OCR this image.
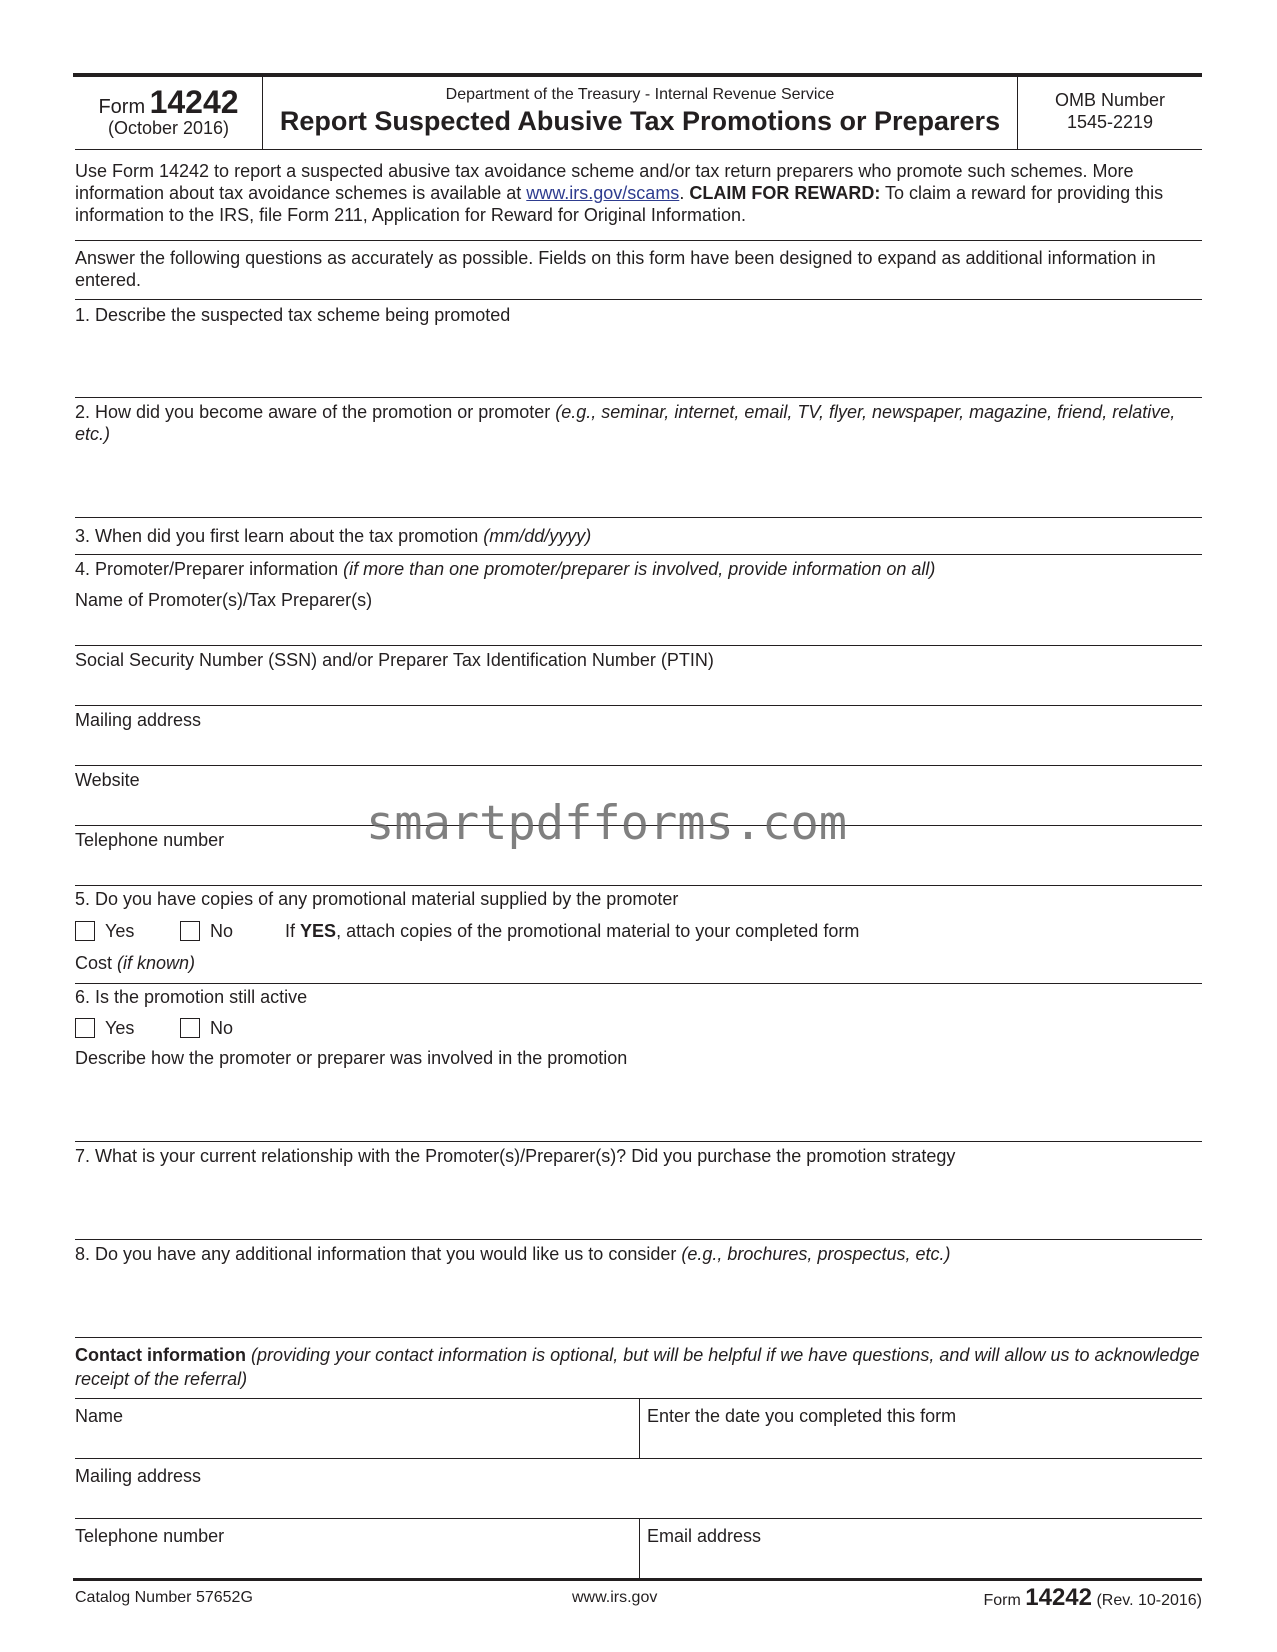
Form 14242
(October 2016)
Department of the Treasury - Internal Revenue Service
Report Suspected Abusive Tax Promotions or Preparers
OMB Number
1545-2219
Use Form 14242 to report a suspected abusive tax avoidance scheme and/or tax return preparers who promote such schemes. More information about tax avoidance schemes is available at www.irs.gov/scams. CLAIM FOR REWARD: To claim a reward for providing this information to the IRS, file Form 211, Application for Reward for Original Information.
Answer the following questions as accurately as possible. Fields on this form have been designed to expand as additional information in entered.
1. Describe the suspected tax scheme being promoted
2. How did you become aware of the promotion or promoter (e.g., seminar, internet, email, TV, flyer, newspaper, magazine, friend, relative, etc.)
3. When did you first learn about the tax promotion (mm/dd/yyyy)
4. Promoter/Preparer information (if more than one promoter/preparer is involved, provide information on all)
Name of Promoter(s)/Tax Preparer(s)
Social Security Number (SSN) and/or Preparer Tax Identification Number (PTIN)
Mailing address
Website
Telephone number	smartpdfforms.com
5. Do you have copies of any promotional material supplied by the promoter
Yes	No	If YES, attach copies of the promotional material to your completed form
Cost (if known)
6. Is the promotion still active
Yes	No
Describe how the promoter or preparer was involved in the promotion
7. What is your current relationship with the Promoter(s)/Preparer(s)? Did you purchase the promotion strategy
8. Do you have any additional information that you would like us to consider (e.g., brochures, prospectus, etc.)
Contact information (providing your contact information is optional, but will be helpful if we have questions, and will allow us to acknowledge receipt of the referral)
Name	Enter the date you completed this form
Mailing address
Telephone number	Email address
Catalog Number 57652G	www.irs.gov	Form 14242 (Rev. 10-2016)
